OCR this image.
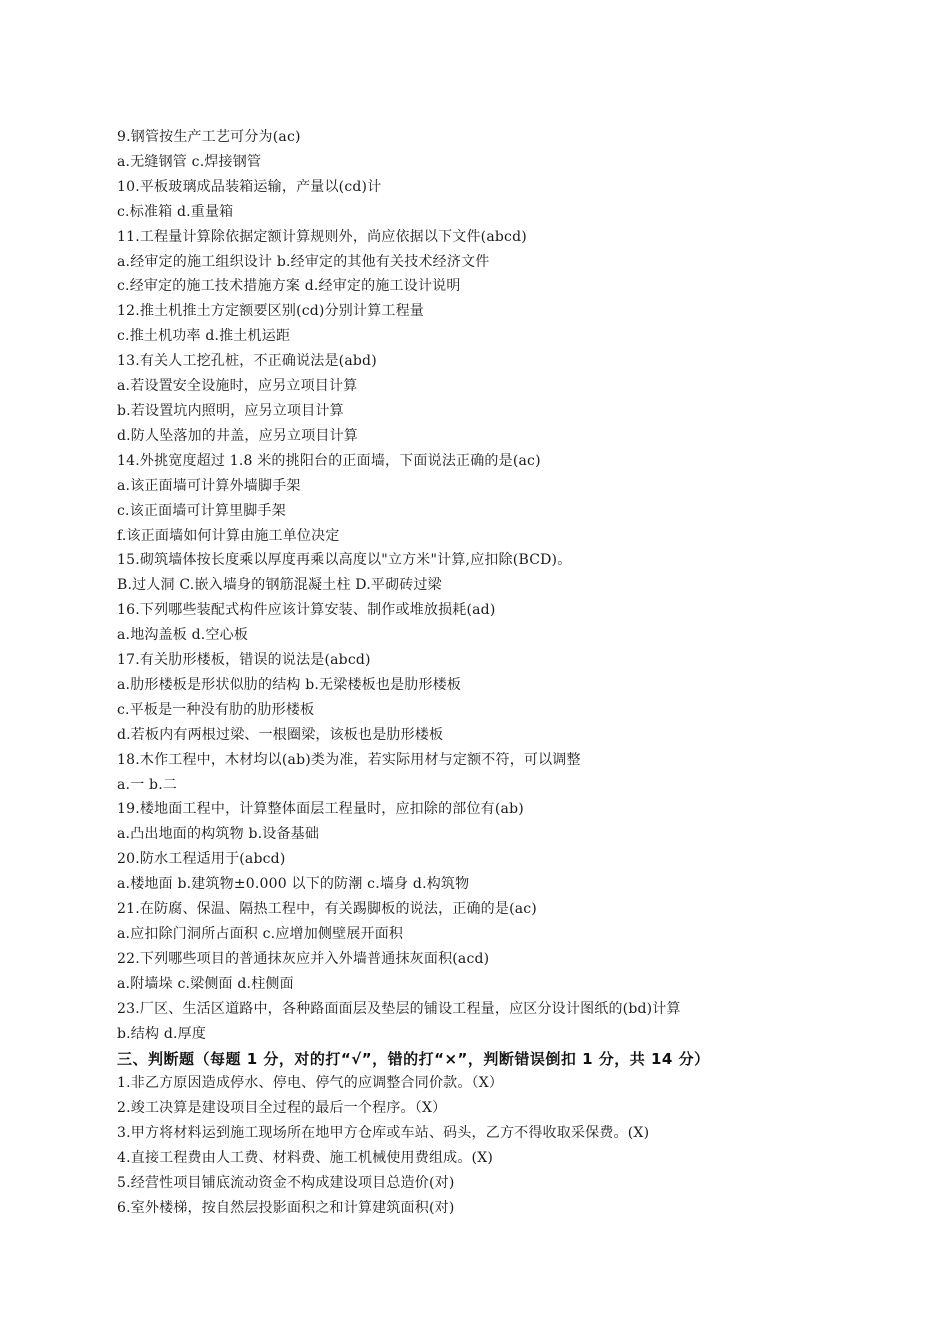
9.钢管按生产工艺可分为(ac)
a.无缝钢管 c.焊接钢管
10.平板玻璃成品装箱运输，产量以(cd)计
c.标准箱 d.重量箱
11.工程量计算除依据定额计算规则外，尚应依据以下文件(abcd)
a.经审定的施工组织设计 b.经审定的其他有关技术经济文件
c.经审定的施工技术措施方案 d.经审定的施工设计说明
12.推土机推土方定额要区别(cd)分别计算工程量
c.推土机功率 d.推土机运距
13.有关人工挖孔桩，不正确说法是(abd)
a.若设置安全设施时，应另立项目计算
b.若设置坑内照明，应另立项目计算
d.防人坠落加的井盖，应另立项目计算
14.外挑宽度超过 1.8 米的挑阳台的正面墙，下面说法正确的是(ac)
a.该正面墙可计算外墙脚手架
c.该正面墙可计算里脚手架
f.该正面墙如何计算由施工单位决定
15.砌筑墙体按长度乘以厚度再乘以高度以"立方米"计算,应扣除(BCD)。
B.过人洞 C.嵌入墙身的钢筋混凝土柱 D.平砌砖过梁
16.下列哪些装配式构件应该计算安装、制作或堆放损耗(ad)
a.地沟盖板 d.空心板
17.有关肋形楼板，错误的说法是(abcd)
a.肋形楼板是形状似肋的结构 b.无梁楼板也是肋形楼板
c.平板是一种没有肋的肋形楼板
d.若板内有两根过梁、一根圈梁，该板也是肋形楼板
18.木作工程中，木材均以(ab)类为准，若实际用材与定额不符，可以调整
a.一 b.二
19.楼地面工程中，计算整体面层工程量时，应扣除的部位有(ab)
a.凸出地面的构筑物 b.设备基础
20.防水工程适用于(abcd)
a.楼地面 b.建筑物±0.000 以下的防潮 c.墙身 d.构筑物
21.在防腐、保温、隔热工程中，有关踢脚板的说法，正确的是(ac)
a.应扣除门洞所占面积 c.应增加侧壁展开面积
22.下列哪些项目的普通抹灰应并入外墙普通抹灰面积(acd)
a.附墙垛 c.梁侧面 d.柱侧面
23.厂区、生活区道路中，各种路面面层及垫层的铺设工程量，应区分设计图纸的(bd)计算
b.结构 d.厚度
三、判断题（每题 1 分，对的打“√”，错的打“×”，判断错误倒扣 1 分，共 14 分）
1.非乙方原因造成停水、停电、停气的应调整合同价款。（X）
2.竣工决算是建设项目全过程的最后一个程序。（X）
3.甲方将材料运到施工现场所在地甲方仓库或车站、码头，乙方不得收取采保费。(X)
4.直接工程费由人工费、材料费、施工机械使用费组成。(X)
5.经营性项目铺底流动资金不构成建设项目总造价(对)
6.室外楼梯，按自然层投影面积之和计算建筑面积(对)
